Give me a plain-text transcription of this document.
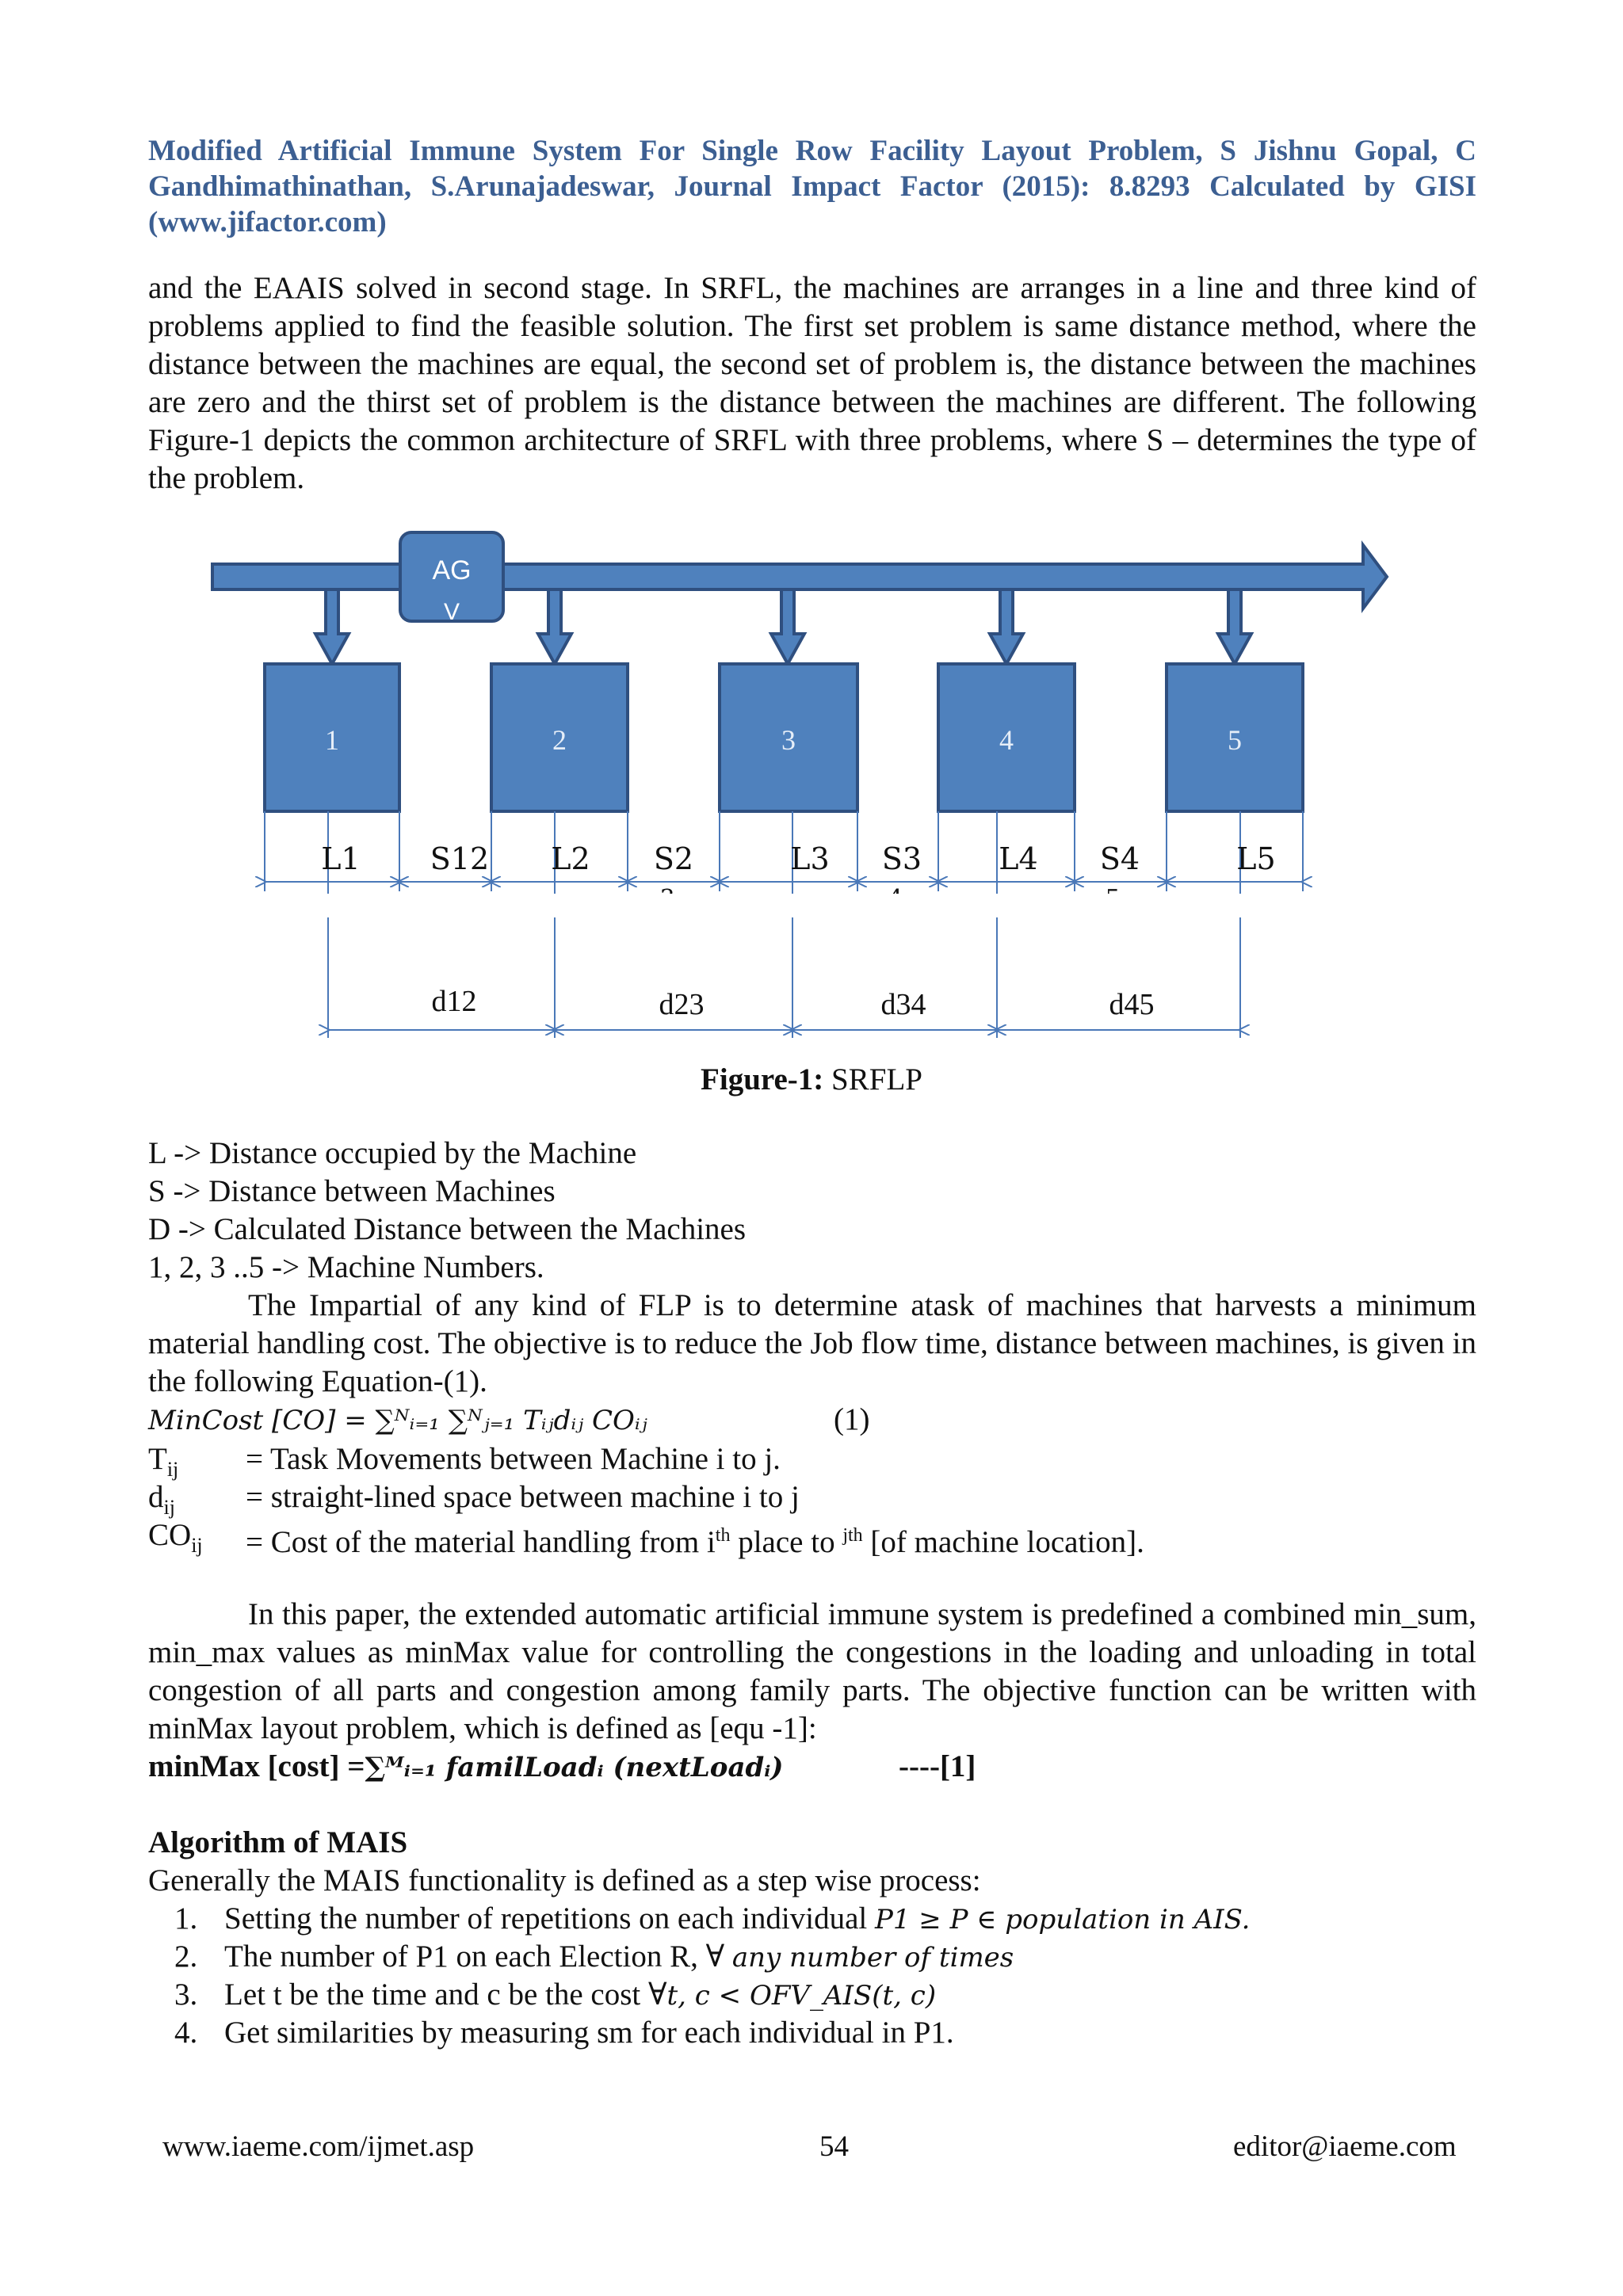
Modified Artificial Immune System For Single Row Facility Layout Problem, S Jishnu Gopal, C Gandhimathinathan, S.Arunajadeswar, Journal Impact Factor (2015): 8.8293 Calculated by GISI (www.jifactor.com)
and the EAAIS solved in second stage. In SRFL, the machines are arranges in a line and three kind of problems applied to find the feasible solution. The first set problem is same distance method, where the distance between the machines are equal, the second set of problem is, the distance between the machines are zero and the thirst set of problem is the distance between the machines are different. The following Figure-1 depicts the common architecture of SRFL with three problems, where S – determines the type of the problem.
AG
V
1	2	3	4	5
L1 S12 L2 S2	L3 S3	L4 S4	L5
d12	d23	d34	d45
Figure-1: SRFLP
L -> Distance occupied by the Machine
S -> Distance between Machines
D -> Calculated Distance between the Machines
1, 2, 3 ..5 -> Machine Numbers.
The Impartial of any kind of FLP is to determine atask of machines that harvests a minimum material handling cost. The objective is to reduce the Job flow time, distance between machines, is given in the following Equation-(1).
MinCost [CO] = ∑ᴺᵢ₌₁ ∑ᴺⱼ₌₁ Tᵢⱼdᵢⱼ COᵢⱼ	(1)
$T_{ij}$ = Task Movements between Machine i to j.
$d_{ij}$ = straight-lined space between machine i to j
$CO_{ij}$ = Cost of the material handling from $i^{th}$ place to $^{jth}$ [of machine location].
In this paper, the extended automatic artificial immune system is predefined a combined min_sum, min_max values as minMax value for controlling the congestions in the loading and unloading in total congestion of all parts and congestion among family parts. The objective function can be written with minMax layout problem, which is defined as [equ -1]:
minMax [cost] =∑ᴹᵢ₌₁ familLoadᵢ (nextLoadᵢ)	----[1]
Algorithm of MAIS
Generally the MAIS functionality is defined as a step wise process:
1. Setting the number of repetitions on each individual P1 ≥ P ∈ population in AIS.
2. The number of P1 on each Election R, ∀ any number of times
3. Let t be the time and c be the cost ∀t, c < OFV_AIS(t, c)
4. Get similarities by measuring sm for each individual in P1.
www.iaeme.com/ijmet.asp	54	editor@iaeme.com
